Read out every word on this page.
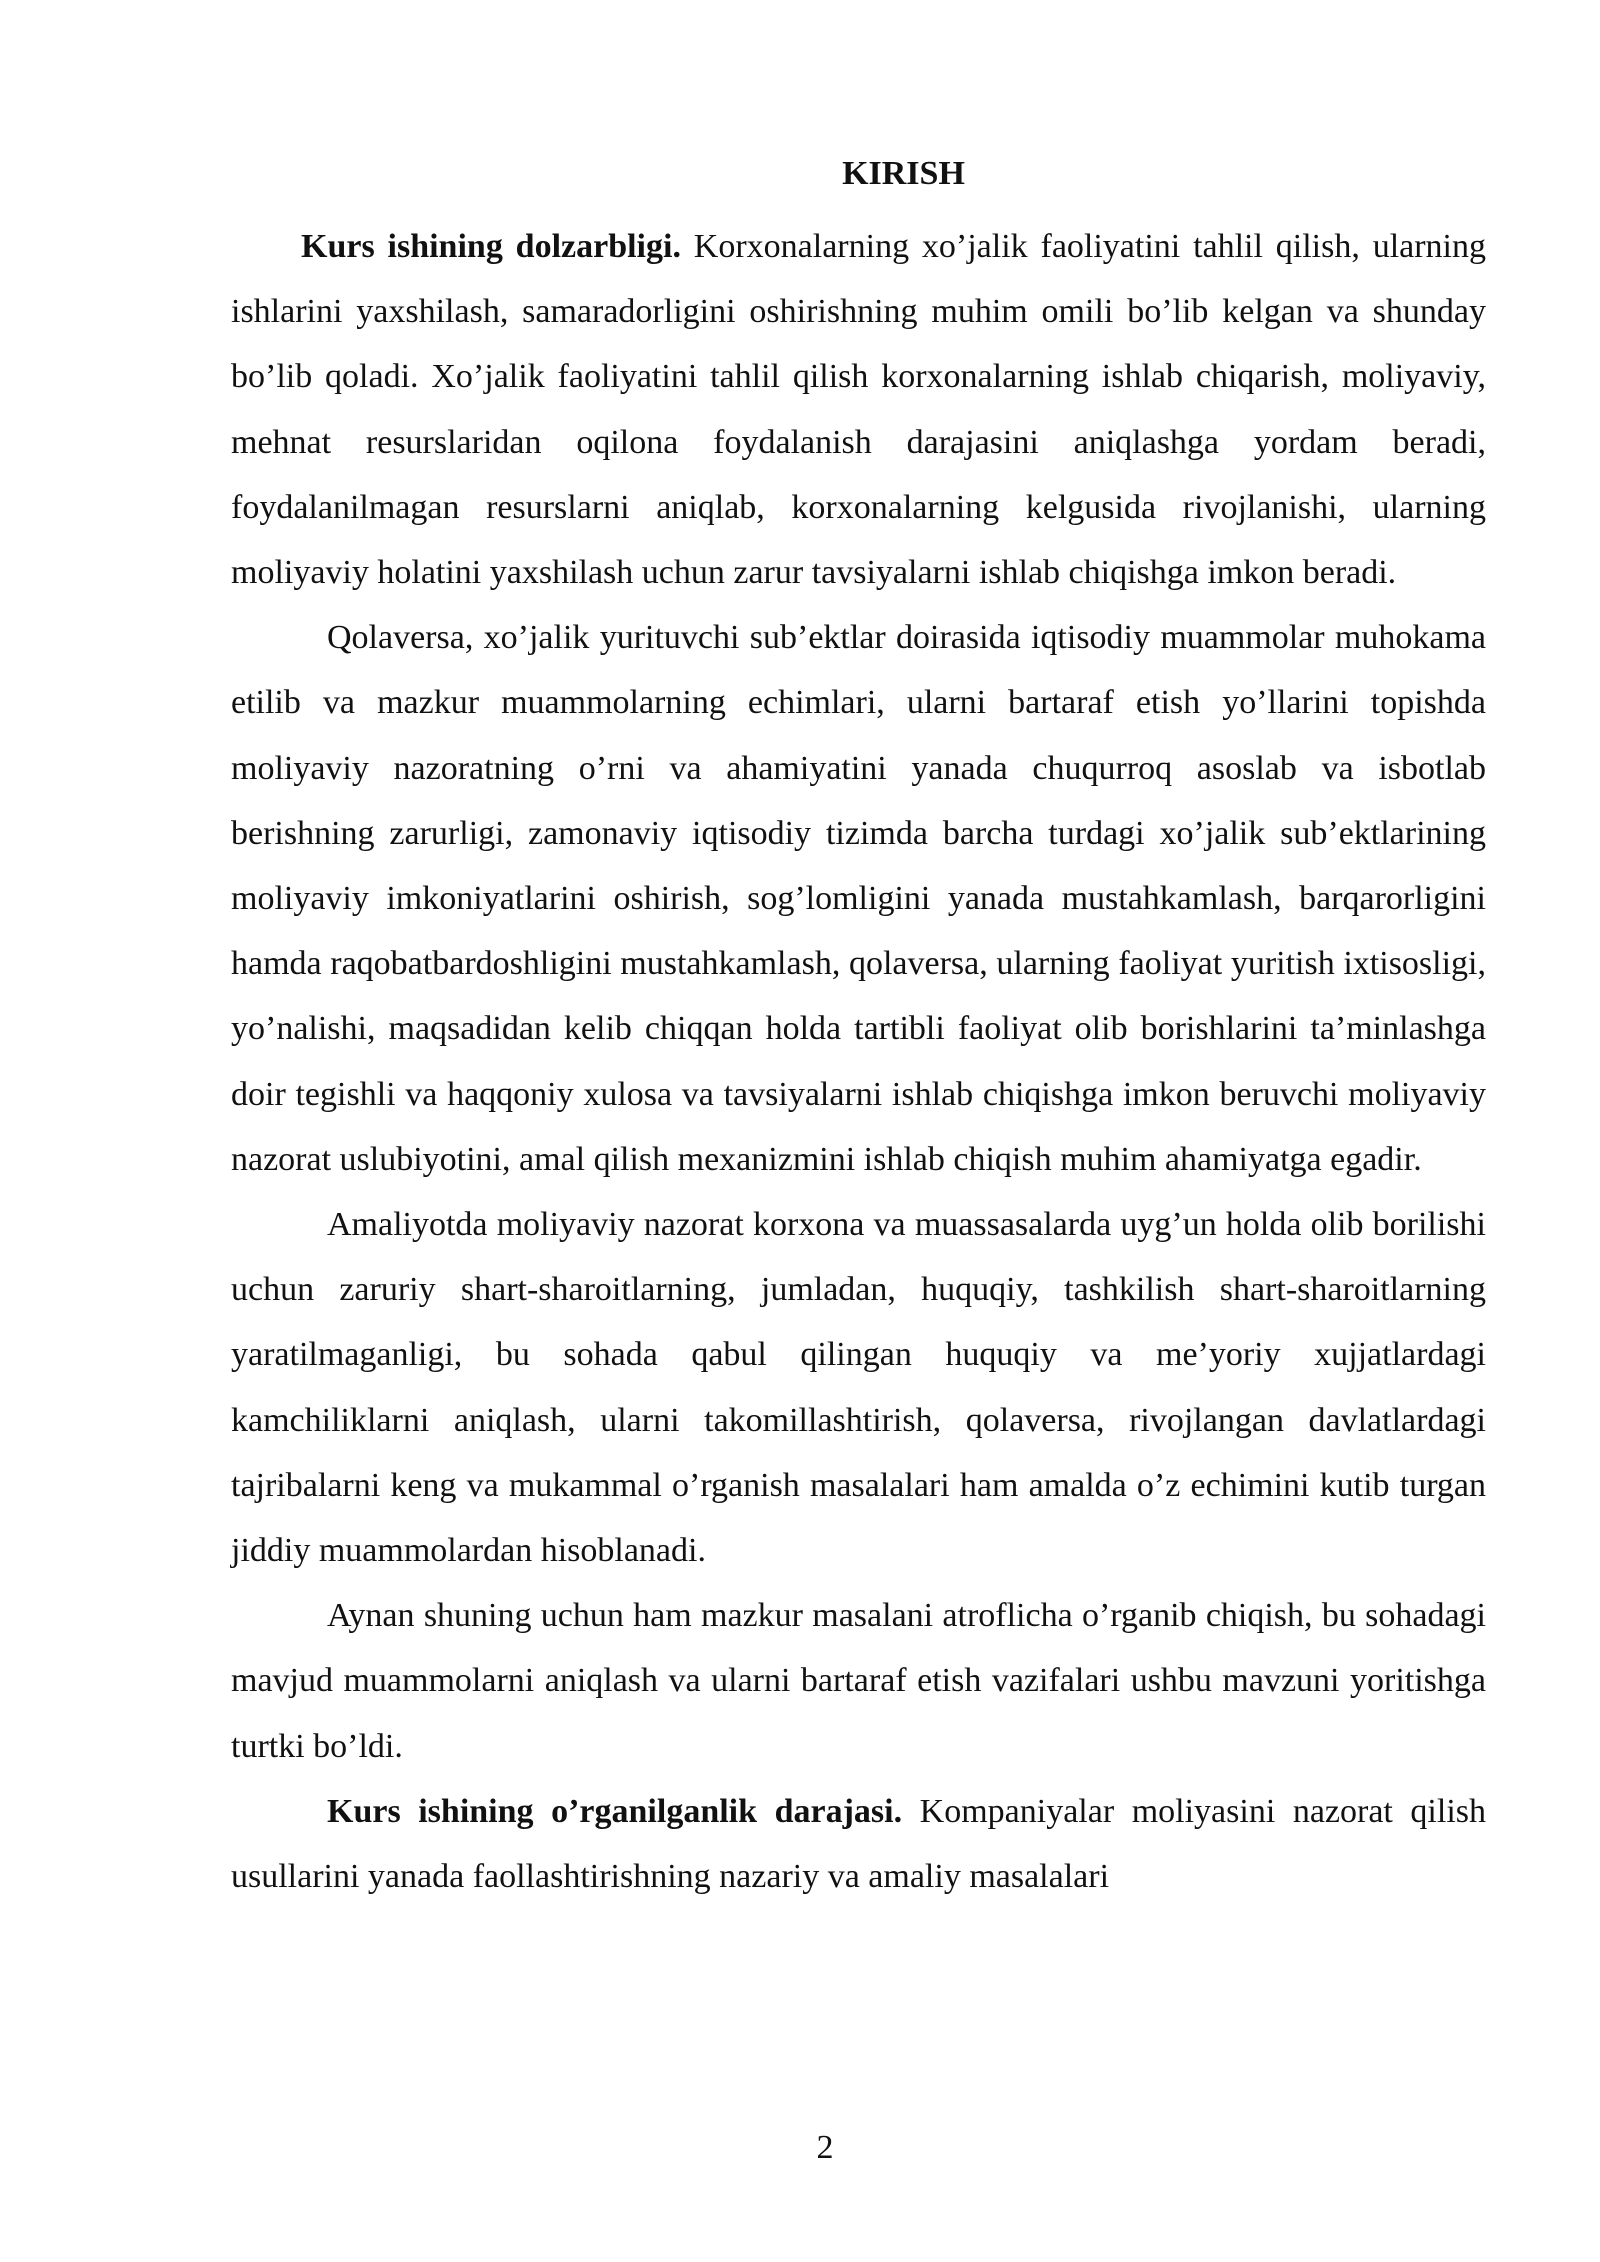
KIRISH

Kurs ishining dolzarbligi. Korxonalarning xo’jalik faoliyatini tahlil qilish, ularning ishlarini yaxshilash, samaradorligini oshirishning muhim omili bo’lib kelgan va shunday bo’lib qoladi. Xo’jalik faoliyatini tahlil qilish korxonalarning ishlab chiqarish, moliyaviy, mehnat resurslaridan oqilona foydalanish darajasini aniqlashga yordam beradi, foydalanilmagan resurslarni aniqlab, korxonalarning kelgusida rivojlanishi, ularning moliyaviy holatini yaxshilash uchun zarur tavsiyalarni ishlab chiqishga imkon beradi.

Qolaversa, xo’jalik yurituvchi sub’ektlar doirasida iqtisodiy muammolar muhokama etilib va mazkur muammolarning echimlari, ularni bartaraf etish yo’llarini topishda moliyaviy nazoratning o’rni va ahamiyatini yanada chuqurroq asoslab va isbotlab berishning zarurligi, zamonaviy iqtisodiy tizimda barcha turdagi xo’jalik sub’ektlarining moliyaviy imkoniyatlarini oshirish, sog’lomligini yanada mustahkamlash, barqarorligini hamda raqobatbardoshligini mustahkamlash, qolaversa, ularning faoliyat yuritish ixtisosligi, yo’nalishi, maqsadidan kelib chiqqan holda tartibli faoliyat olib borishlarini ta’minlashga doir tegishli va haqqoniy xulosa va tavsiyalarni ishlab chiqishga imkon beruvchi moliyaviy nazorat uslubiyotini, amal qilish mexanizmini ishlab chiqish muhim ahamiyatga egadir.

Amaliyotda moliyaviy nazorat korxona va muassasalarda uyg’un holda olib borilishi uchun zaruriy shart-sharoitlarning, jumladan, huquqiy, tashkilish shart-sharoitlarning yaratilmaganligi, bu sohada qabul qilingan huquqiy va me’yoriy xujjatlardagi kamchiliklarni aniqlash, ularni takomillashtirish, qolaversa, rivojlangan davlatlardagi tajribalarni keng va mukammal o’rganish masalalari ham amalda o’z echimini kutib turgan jiddiy muammolardan hisoblanadi.

Aynan shuning uchun ham mazkur masalani atroflicha o’rganib chiqish, bu sohadagi mavjud muammolarni aniqlash va ularni bartaraf etish vazifalari ushbu mavzuni yoritishga turtki bo’ldi.

Kurs ishining o’rganilganlik darajasi. Kompaniyalar moliyasini nazorat qilish usullarini yanada faollashtirishning nazariy va amaliy masalalari

2
